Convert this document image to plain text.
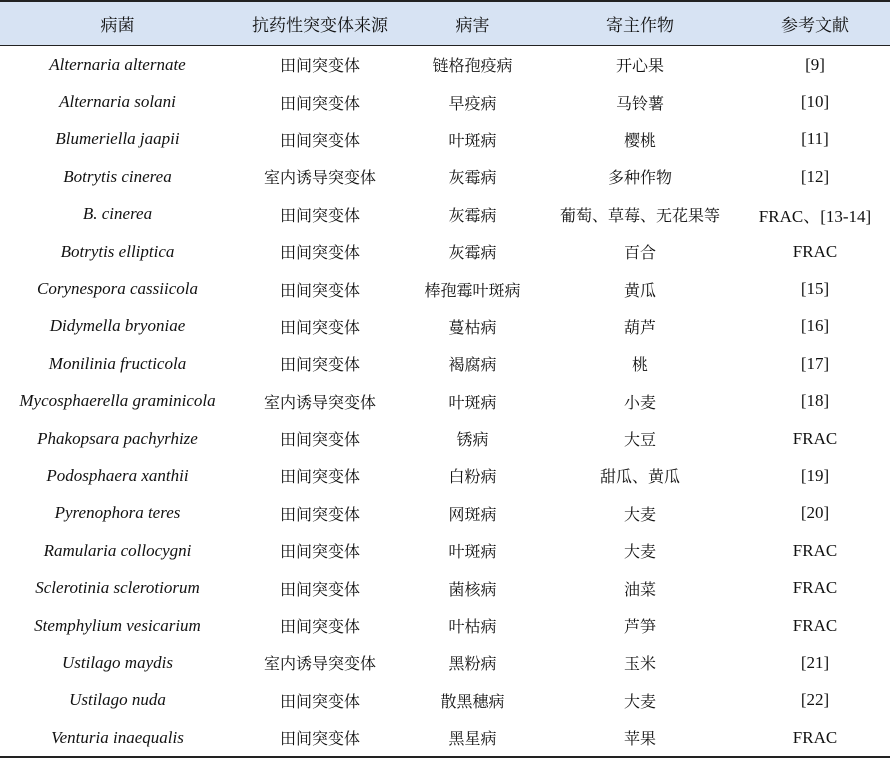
病菌	抗药性突变体来源	病害	寄主作物	参考文献
Alternaria alternate	田间突变体	链格孢疫病	开心果	[9]
Alternaria solani	田间突变体	早疫病	马铃薯	[10]
Blumeriella jaapii	田间突变体	叶斑病	樱桃	[11]
Botrytis cinerea	室内诱导突变体	灰霉病	多种作物	[12]
B. cinerea	田间突变体	灰霉病	葡萄、草莓、无花果等	FRAC、[13-14]
Botrytis elliptica	田间突变体	灰霉病	百合	FRAC
Corynespora cassiicola	田间突变体	棒孢霉叶斑病	黄瓜	[15]
Didymella bryoniae	田间突变体	蔓枯病	葫芦	[16]
Monilinia fructicola	田间突变体	褐腐病	桃	[17]
Mycosphaerella graminicola	室内诱导突变体	叶斑病	小麦	[18]
Phakopsara pachyrhize	田间突变体	锈病	大豆	FRAC
Podosphaera xanthii	田间突变体	白粉病	甜瓜、黄瓜	[19]
Pyrenophora teres	田间突变体	网斑病	大麦	[20]
Ramularia collocygni	田间突变体	叶斑病	大麦	FRAC
Sclerotinia sclerotiorum	田间突变体	菌核病	油菜	FRAC
Stemphylium vesicarium	田间突变体	叶枯病	芦笋	FRAC
Ustilago maydis	室内诱导突变体	黑粉病	玉米	[21]
Ustilago nuda	田间突变体	散黑穗病	大麦	[22]
Venturia inaequalis	田间突变体	黑星病	苹果	FRAC
